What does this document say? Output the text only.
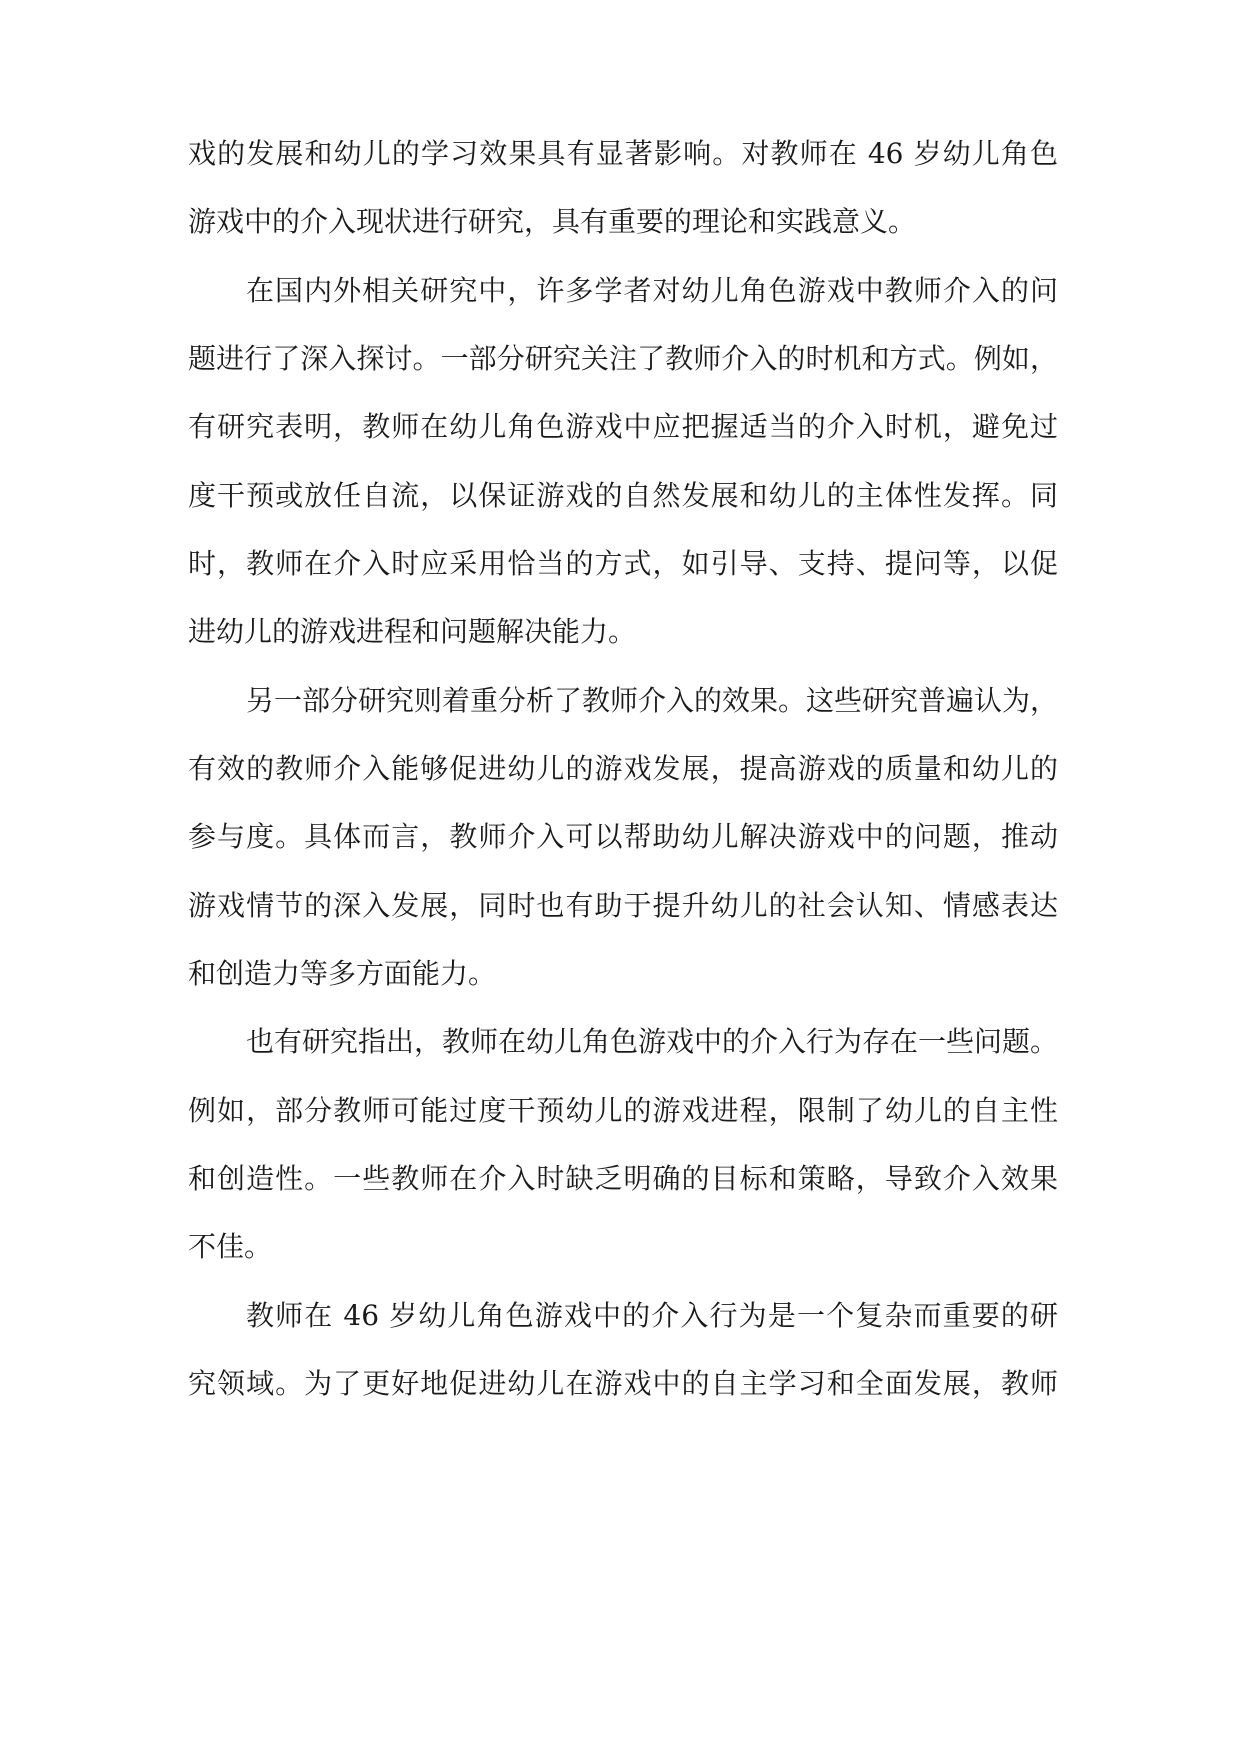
戏的发展和幼儿的学习效果具有显著影响。对教师在 46 岁幼儿角色
游戏中的介入现状进行研究，具有重要的理论和实践意义。
在国内外相关研究中，许多学者对幼儿角色游戏中教师介入的问
题进行了深入探讨。一部分研究关注了教师介入的时机和方式。例如，
有研究表明，教师在幼儿角色游戏中应把握适当的介入时机，避免过
度干预或放任自流，以保证游戏的自然发展和幼儿的主体性发挥。同
时，教师在介入时应采用恰当的方式，如引导、支持、提问等，以促
进幼儿的游戏进程和问题解决能力。
另一部分研究则着重分析了教师介入的效果。这些研究普遍认为，
有效的教师介入能够促进幼儿的游戏发展，提高游戏的质量和幼儿的
参与度。具体而言，教师介入可以帮助幼儿解决游戏中的问题，推动
游戏情节的深入发展，同时也有助于提升幼儿的社会认知、情感表达
和创造力等多方面能力。
也有研究指出，教师在幼儿角色游戏中的介入行为存在一些问题。
例如，部分教师可能过度干预幼儿的游戏进程，限制了幼儿的自主性
和创造性。一些教师在介入时缺乏明确的目标和策略，导致介入效果
不佳。
教师在 46 岁幼儿角色游戏中的介入行为是一个复杂而重要的研
究领域。为了更好地促进幼儿在游戏中的自主学习和全面发展，教师
